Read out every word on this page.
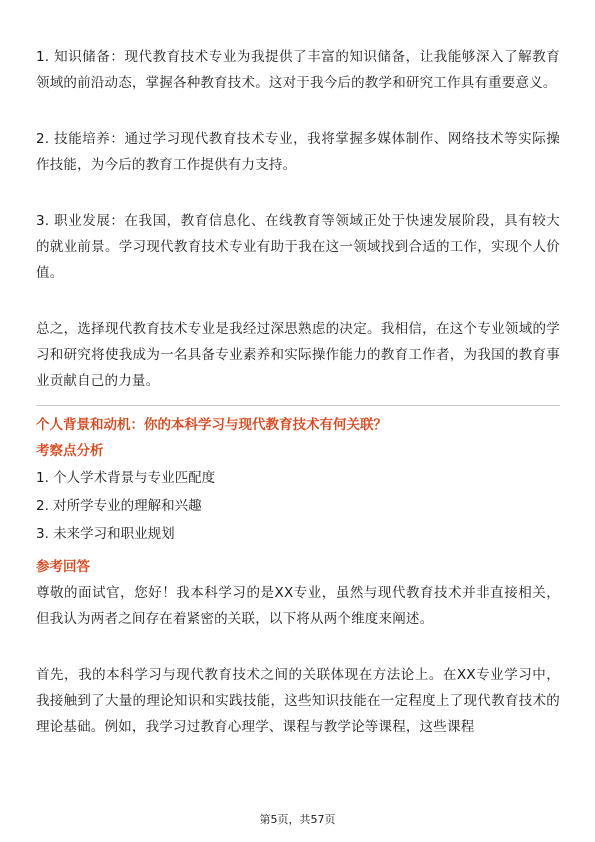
1. 知识储备：现代教育技术专业为我提供了丰富的知识储备，让我能够深入了解教育领域的前沿动态，掌握各种教育技术。这对于我今后的教学和研究工作具有重要意义。

2. 技能培养：通过学习现代教育技术专业，我将掌握多媒体制作、网络技术等实际操作技能，为今后的教育工作提供有力支持。

3. 职业发展：在我国，教育信息化、在线教育等领域正处于快速发展阶段，具有较大的就业前景。学习现代教育技术专业有助于我在这一领域找到合适的工作，实现个人价值。

总之，选择现代教育技术专业是我经过深思熟虑的决定。我相信，在这个专业领域的学习和研究将使我成为一名具备专业素养和实际操作能力的教育工作者，为我国的教育事业贡献自己的力量。

个人背景和动机：你的本科学习与现代教育技术有何关联？

考察点分析

1. 个人学术背景与专业匹配度
2. 对所学专业的理解和兴趣
3. 未来学习和职业规划

参考回答

尊敬的面试官，您好！我本科学习的是XX专业，虽然与现代教育技术并非直接相关，但我认为两者之间存在着紧密的关联，以下将从两个维度来阐述。

首先，我的本科学习与现代教育技术之间的关联体现在方法论上。在XX专业学习中，我接触到了大量的理论知识和实践技能，这些知识技能在一定程度上了现代教育技术的理论基础。例如，我学习过教育心理学、课程与教学论等课程，这些课程

第5页，共57页
